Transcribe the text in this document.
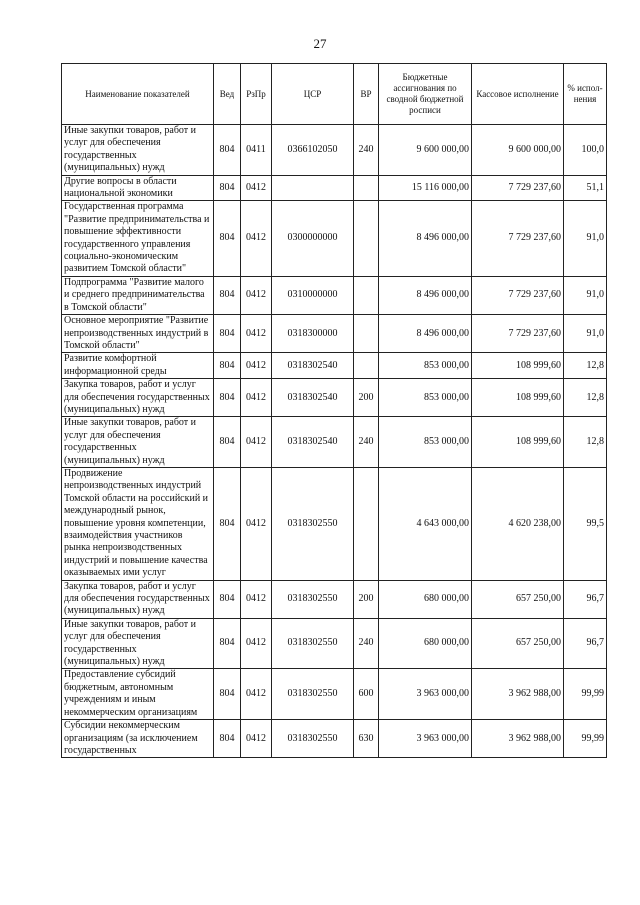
27
Наименование показателей	Вед	РзПр	ЦСР	ВР	Бюджетные ассигнования по сводной бюджетной росписи	Кассовое исполнение	% испол-нения
Иные закупки товаров, работ и услуг для обеспечения государственных (муниципальных) нужд	804	0411	0366102050	240	9 600 000,00	9 600 000,00	100,0
Другие вопросы в области национальной экономики	804	0412			15 116 000,00	7 729 237,60	51,1
Государственная программа "Развитие предпринимательства и повышение эффективности государственного управления социально-экономическим развитием Томской области"	804	0412	0300000000		8 496 000,00	7 729 237,60	91,0
Подпрограмма "Развитие малого и среднего предпринимательства в Томской области"	804	0412	0310000000		8 496 000,00	7 729 237,60	91,0
Основное мероприятие "Развитие непроизводственных индустрий в Томской области"	804	0412	0318300000		8 496 000,00	7 729 237,60	91,0
Развитие комфортной информационной среды	804	0412	0318302540		853 000,00	108 999,60	12,8
Закупка товаров, работ и услуг для обеспечения государственных (муниципальных) нужд	804	0412	0318302540	200	853 000,00	108 999,60	12,8
Иные закупки товаров, работ и услуг для обеспечения государственных (муниципальных) нужд	804	0412	0318302540	240	853 000,00	108 999,60	12,8
Продвижение непроизводственных индустрий Томской области на российский и международный рынок, повышение уровня компетенции, взаимодействия участников рынка непроизводственных индустрий и повышение качества оказываемых ими услуг	804	0412	0318302550		4 643 000,00	4 620 238,00	99,5
Закупка товаров, работ и услуг для обеспечения государственных (муниципальных) нужд	804	0412	0318302550	200	680 000,00	657 250,00	96,7
Иные закупки товаров, работ и услуг для обеспечения государственных (муниципальных) нужд	804	0412	0318302550	240	680 000,00	657 250,00	96,7
Предоставление субсидий бюджетным, автономным учреждениям и иным некоммерческим организациям	804	0412	0318302550	600	3 963 000,00	3 962 988,00	99,99
Субсидии некоммерческим организациям (за исключением государственных	804	0412	0318302550	630	3 963 000,00	3 962 988,00	99,99
